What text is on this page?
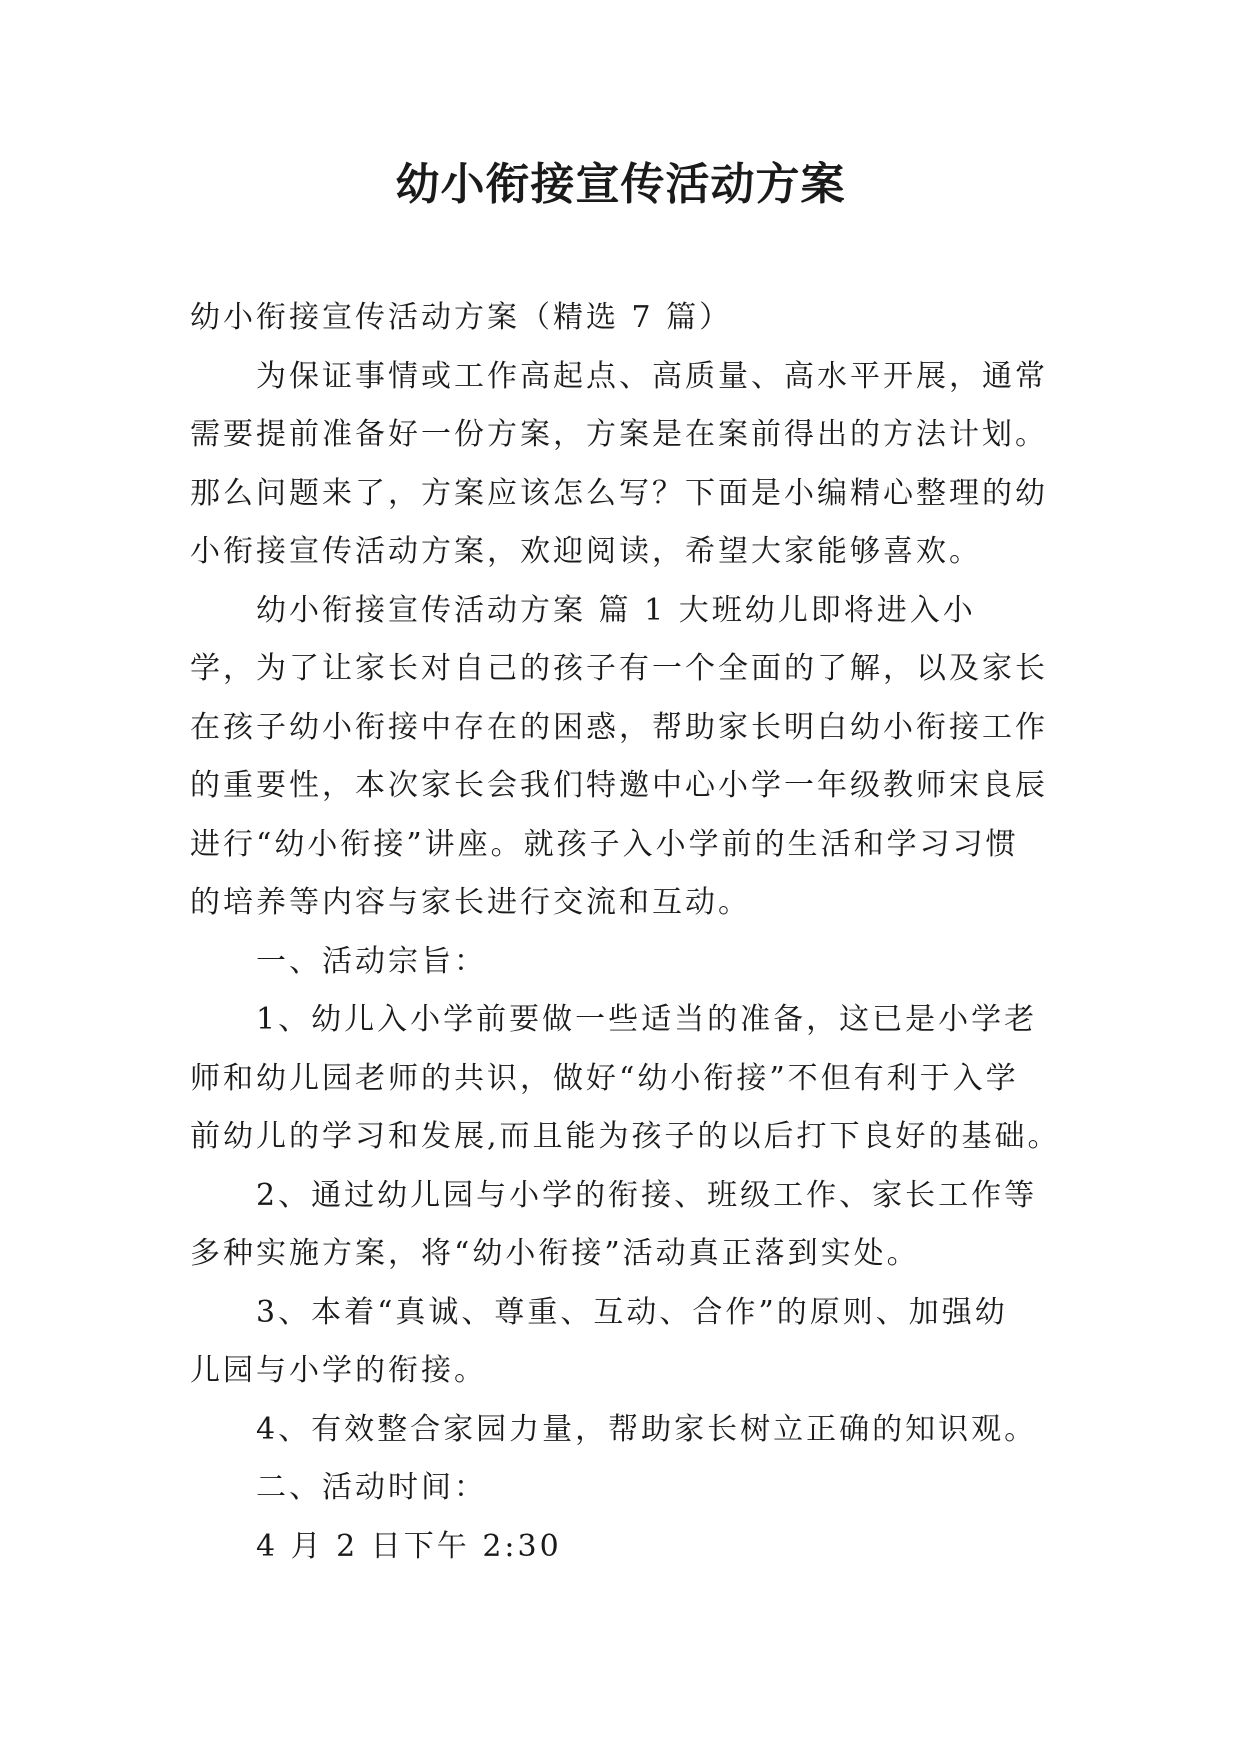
幼小衔接宣传活动方案
幼小衔接宣传活动方案（精选 7 篇）
为保证事情或工作高起点、高质量、高水平开展，通常
需要提前准备好一份方案，方案是在案前得出的方法计划。
那么问题来了，方案应该怎么写？下面是小编精心整理的幼
小衔接宣传活动方案，欢迎阅读，希望大家能够喜欢。
幼小衔接宣传活动方案 篇 1 大班幼儿即将进入小
学，为了让家长对自己的孩子有一个全面的了解，以及家长
在孩子幼小衔接中存在的困惑，帮助家长明白幼小衔接工作
的重要性，本次家长会我们特邀中心小学一年级教师宋良辰
进行“幼小衔接”讲座。就孩子入小学前的生活和学习习惯
的培养等内容与家长进行交流和互动。
一、活动宗旨：
1、幼儿入小学前要做一些适当的准备，这已是小学老
师和幼儿园老师的共识，做好“幼小衔接”不但有利于入学
前幼儿的学习和发展,而且能为孩子的以后打下良好的基础。
2、通过幼儿园与小学的衔接、班级工作、家长工作等
多种实施方案，将“幼小衔接”活动真正落到实处。
3、本着“真诚、尊重、互动、合作”的原则、加强幼
儿园与小学的衔接。
4、有效整合家园力量，帮助家长树立正确的知识观。
二、活动时间：
4 月 2 日下午 2:30
